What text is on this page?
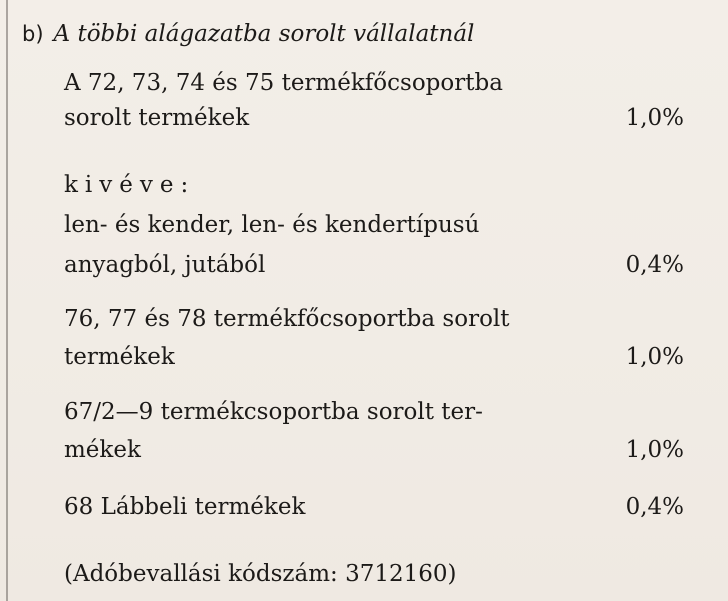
b) A többi alágazatba sorolt vállalatnál
A 72, 73, 74 és 75 termékfőcsoportba
sorolt termékek	1,0%
kivéve:
len- és kender, len- és kendertípusú
anyagból, jutából	0,4%
76, 77 és 78 termékfőcsoportba sorolt
termékek	1,0%
67/2—9 termékcsoportba sorolt ter-
mékek	1,0%
68 Lábbeli termékek	0,4%
(Adóbevallási kódszám: 3712160)
